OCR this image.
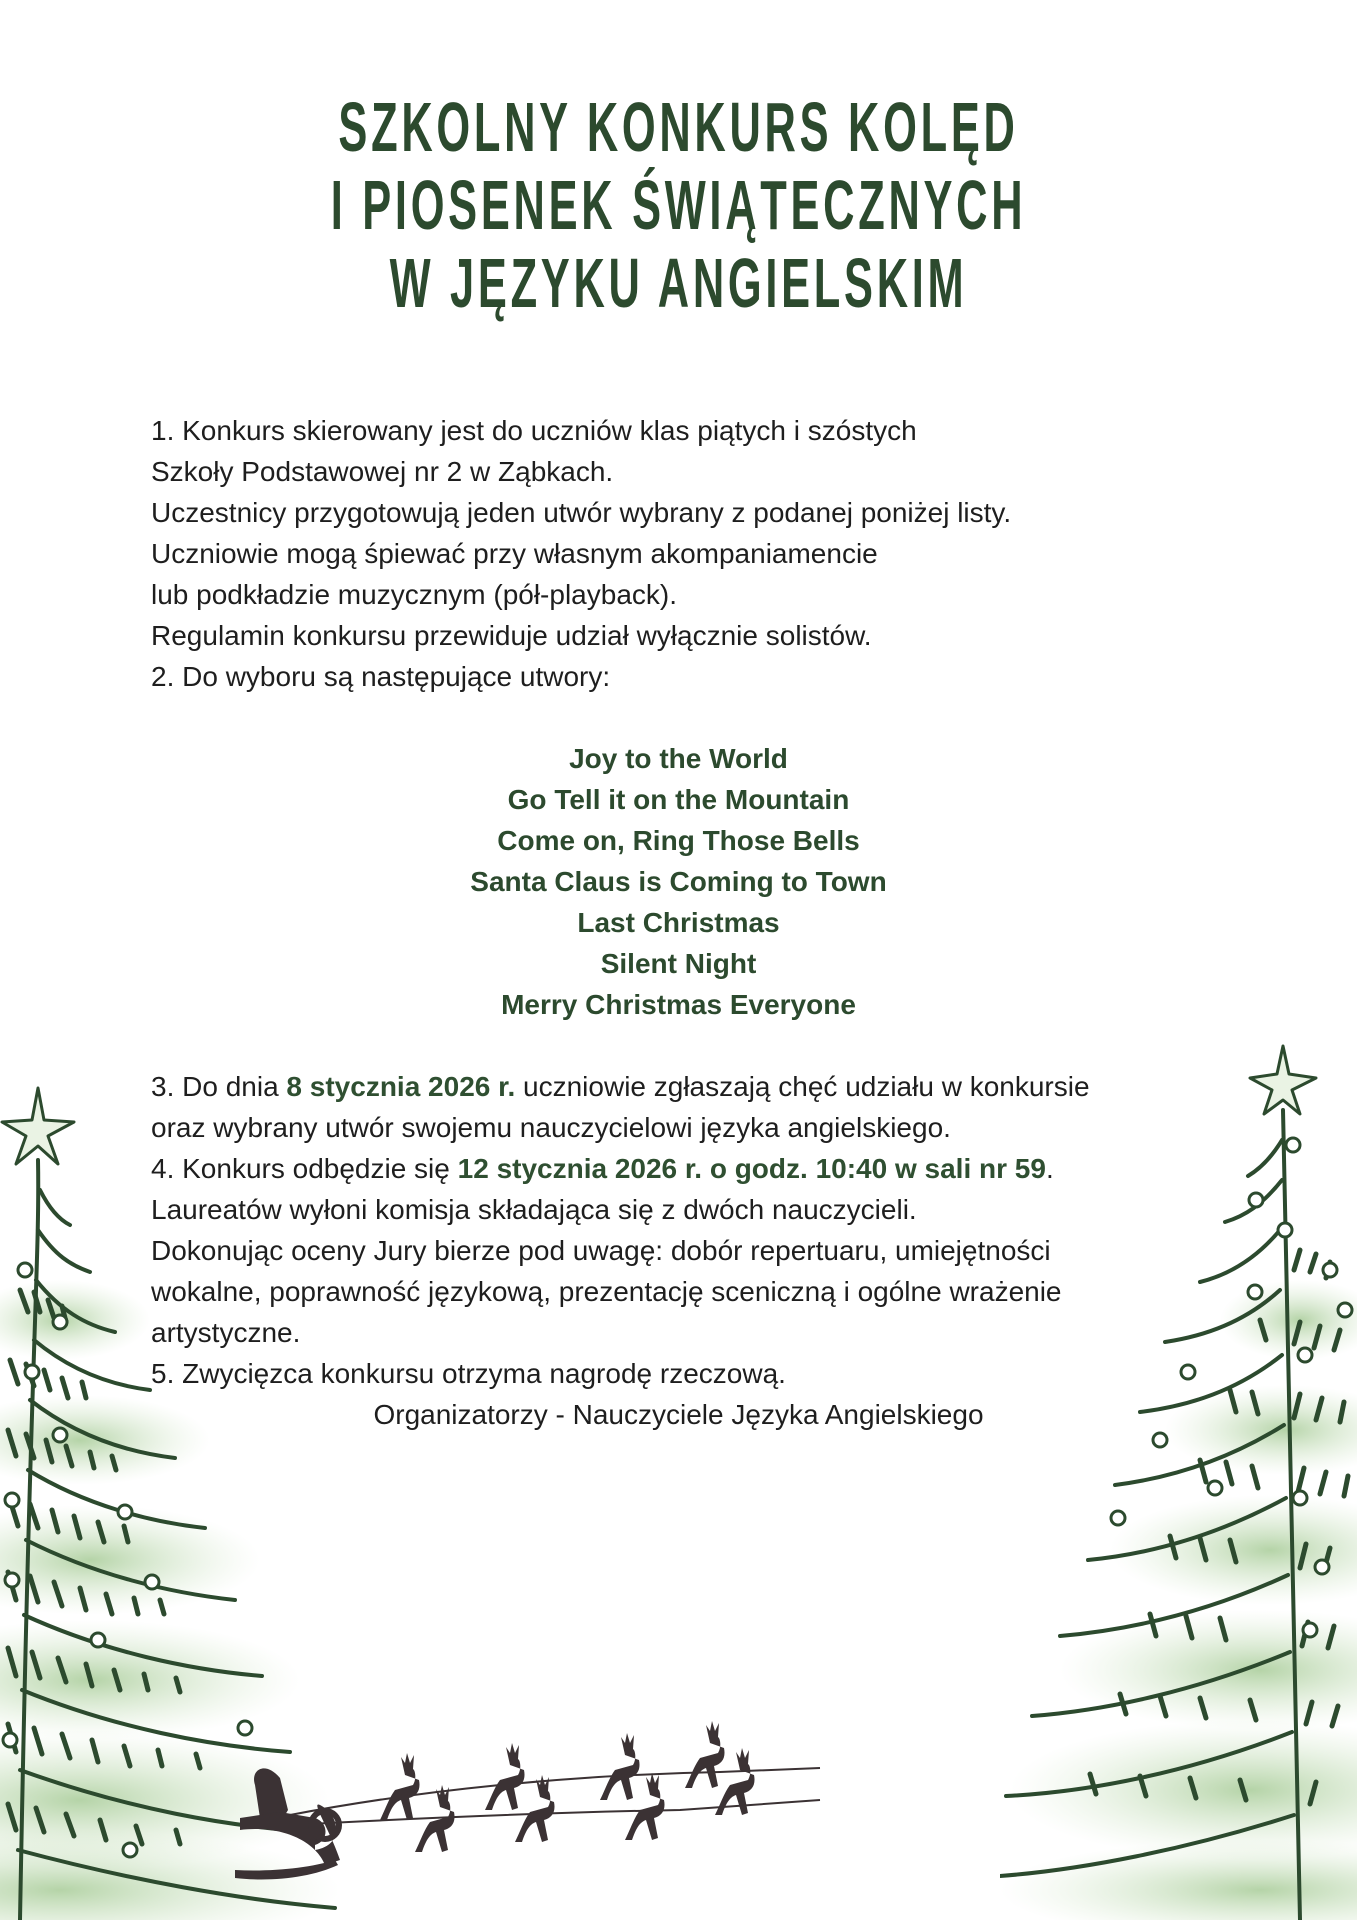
SZKOLNY KONKURS KOLĘD
I PIOSENEK ŚWIĄTECZNYCH
W JĘZYKU ANGIELSKIM

1. Konkurs skierowany jest do uczniów klas piątych i szóstych

Szkoły Podstawowej nr 2 w Ząbkach.

Uczestnicy przygotowują jeden utwór wybrany z podanej poniżej listy.

Uczniowie mogą śpiewać przy własnym akompaniamencie

lub podkładzie muzycznym (pół-playback).

Regulamin konkursu przewiduje udział wyłącznie solistów.

2. Do wyboru są następujące utwory:

Joy to the World
Go Tell it on the Mountain
Come on, Ring Those Bells
Santa Claus is Coming to Town
Last Christmas
Silent Night
Merry Christmas Everyone

3. Do dnia 8 stycznia 2026 r. uczniowie zgłaszają chęć udziału w konkursie

oraz wybrany utwór swojemu nauczycielowi języka angielskiego.

4. Konkurs odbędzie się 12 stycznia 2026 r. o godz. 10:40 w sali nr 59.

Laureatów wyłoni komisja składająca się z dwóch nauczycieli.

Dokonując oceny Jury bierze pod uwagę: dobór repertuaru, umiejętności

wokalne, poprawność językową, prezentację sceniczną i ogólne wrażenie

artystyczne.

5. Zwycięzca konkursu otrzyma nagrodę rzeczową.

Organizatorzy - Nauczyciele Języka Angielskiego
